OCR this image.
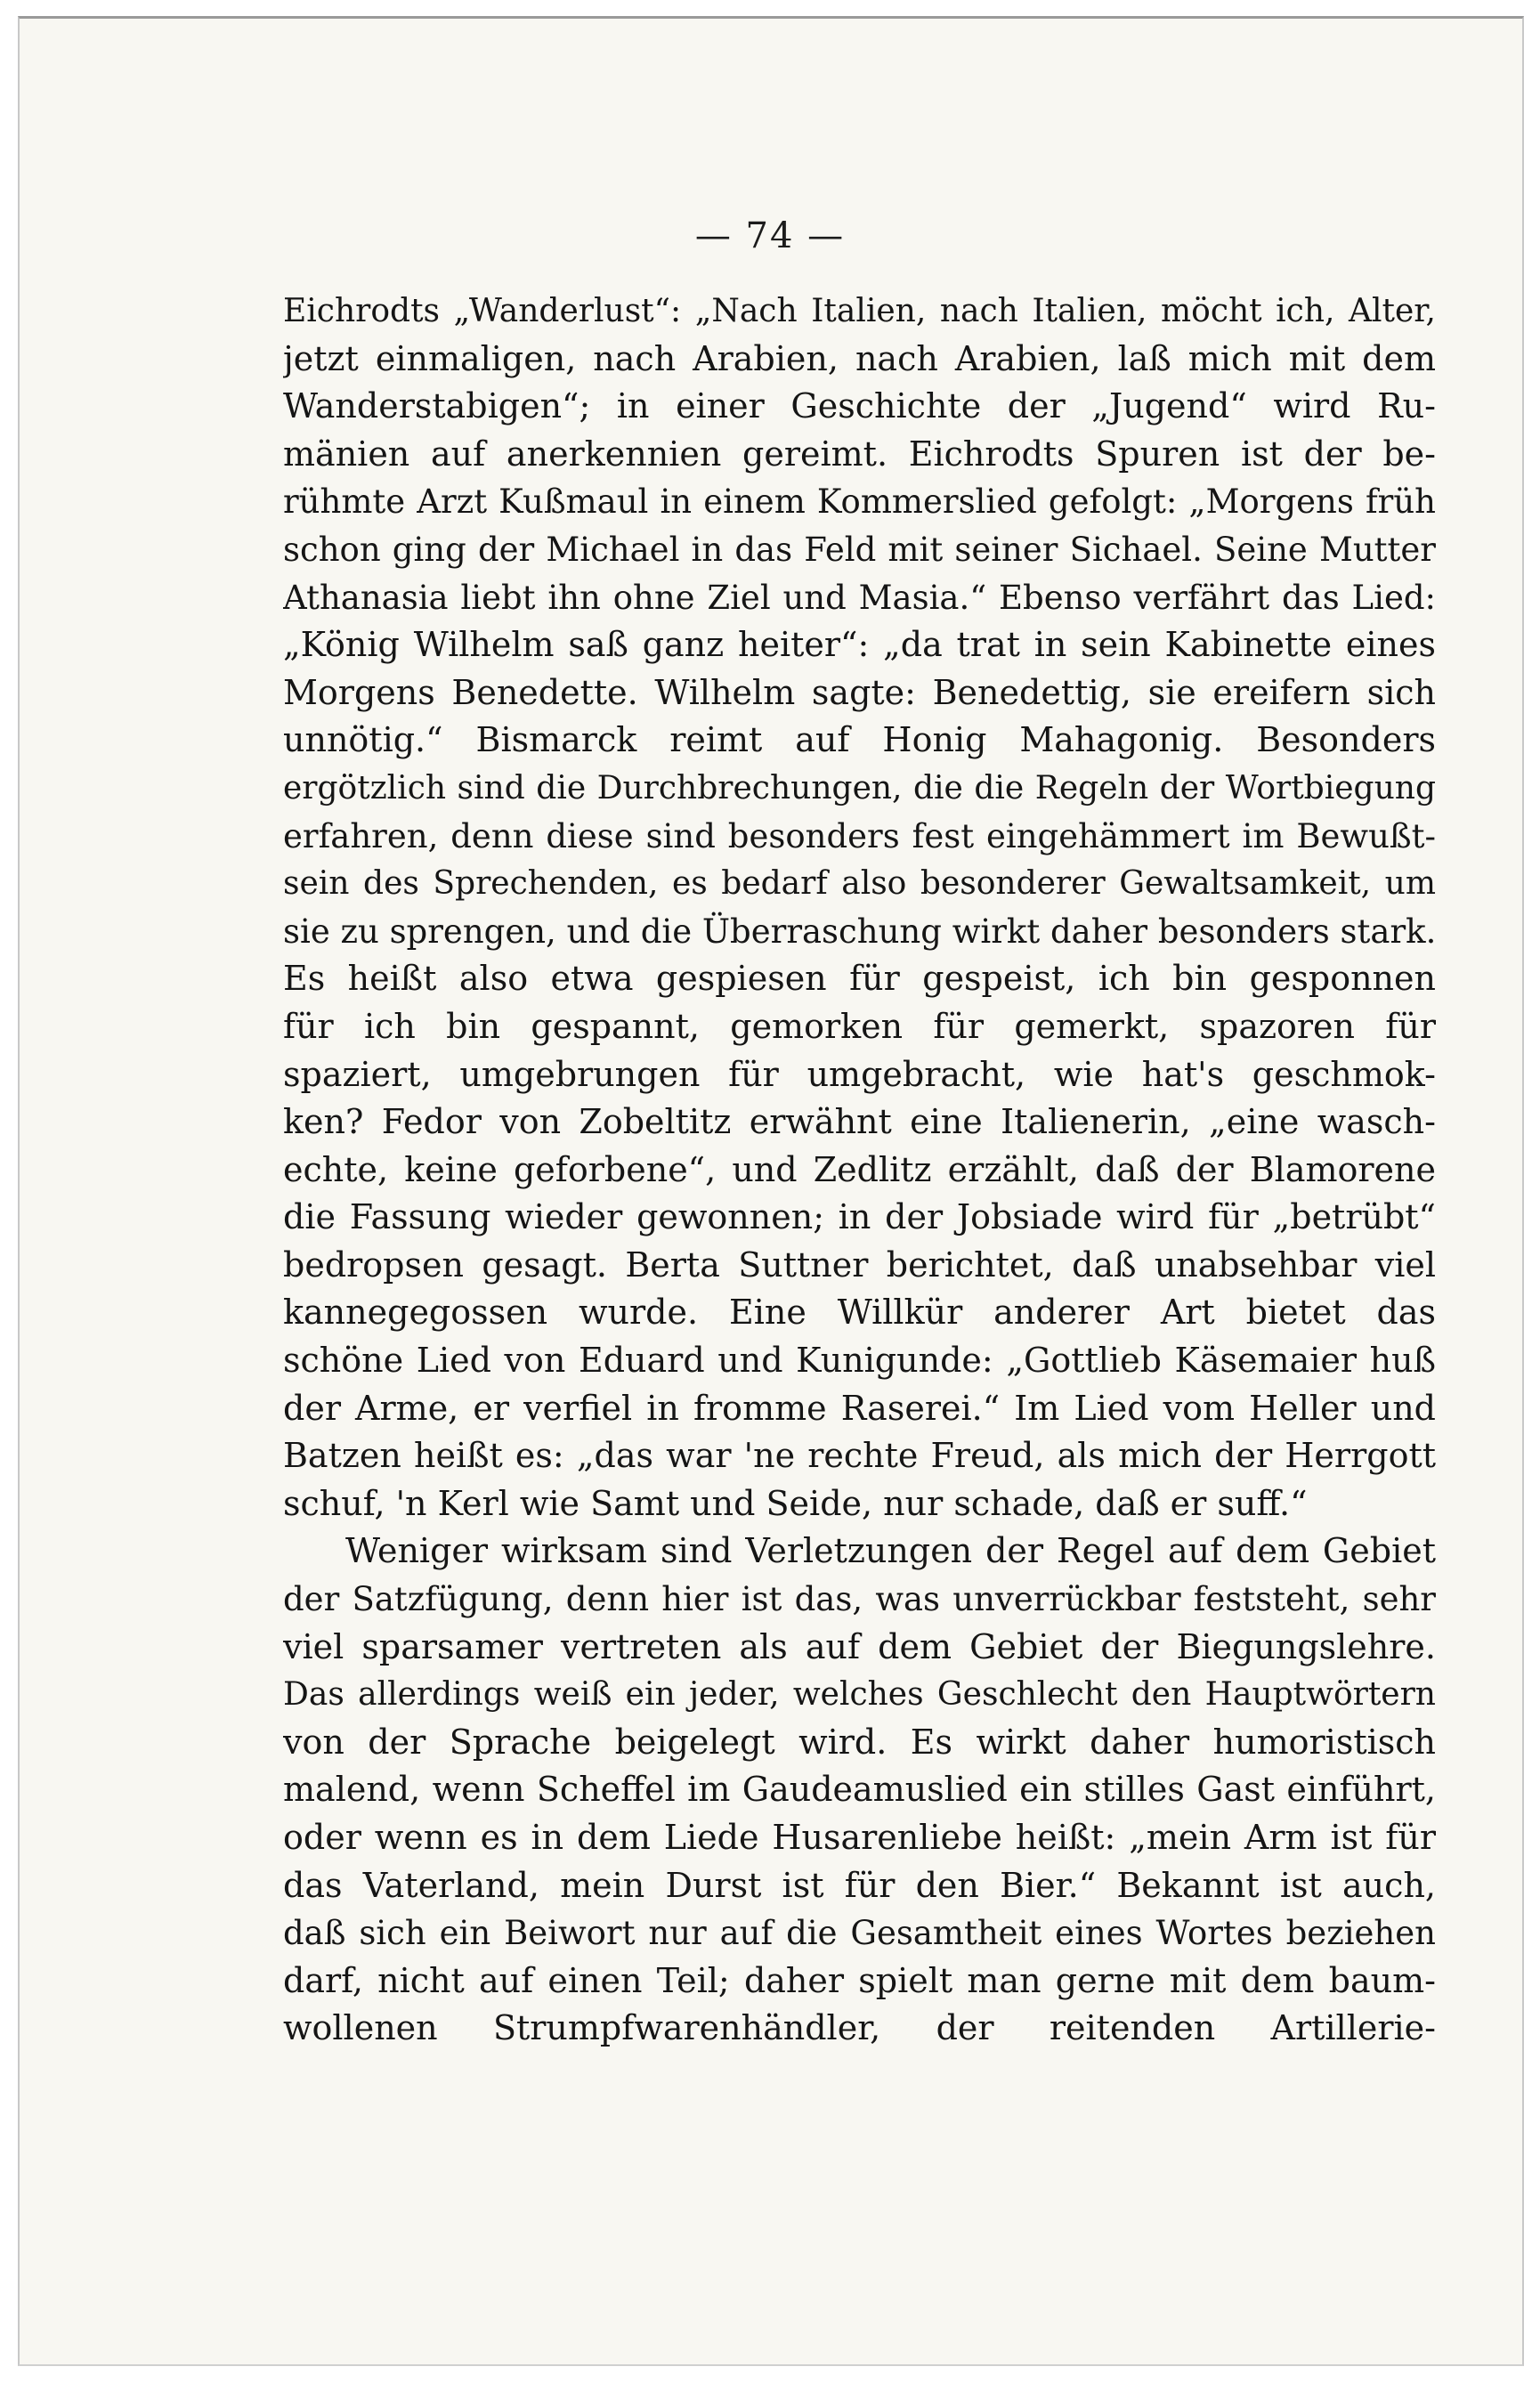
— 74 —
Eichrodts „Wanderlust“: „Nach Italien, nach Italien, möcht ich, Alter,
jetzt einmaligen, nach Arabien, nach Arabien, laß mich mit dem
Wanderstabigen“; in einer Geschichte der „Jugend“ wird Ru-
mänien auf anerkennien gereimt. Eichrodts Spuren ist der be-
rühmte Arzt Kußmaul in einem Kommerslied gefolgt: „Morgens früh
schon ging der Michael in das Feld mit seiner Sichael. Seine Mutter
Athanasia liebt ihn ohne Ziel und Masia.“ Ebenso verfährt das Lied:
„König Wilhelm saß ganz heiter“: „da trat in sein Kabinette eines
Morgens Benedette. Wilhelm sagte: Benedettig, sie ereifern sich
unnötig.“ Bismarck reimt auf Honig Mahagonig. Besonders
ergötzlich sind die Durchbrechungen, die die Regeln der Wortbiegung
erfahren, denn diese sind besonders fest eingehämmert im Bewußt-
sein des Sprechenden, es bedarf also besonderer Gewaltsamkeit, um
sie zu sprengen, und die Überraschung wirkt daher besonders stark.
Es heißt also etwa gespiesen für gespeist, ich bin gesponnen
für ich bin gespannt, gemorken für gemerkt, spazoren für
spaziert, umgebrungen für umgebracht, wie hat's geschmok-
ken? Fedor von Zobeltitz erwähnt eine Italienerin, „eine wasch-
echte, keine geforbene“, und Zedlitz erzählt, daß der Blamorene
die Fassung wieder gewonnen; in der Jobsiade wird für „betrübt“
bedropsen gesagt. Berta Suttner berichtet, daß unabsehbar viel
kannegegossen wurde. Eine Willkür anderer Art bietet das
schöne Lied von Eduard und Kunigunde: „Gottlieb Käsemaier huß
der Arme, er verfiel in fromme Raserei.“ Im Lied vom Heller und
Batzen heißt es: „das war 'ne rechte Freud, als mich der Herrgott
schuf, 'n Kerl wie Samt und Seide, nur schade, daß er suff.“
Weniger wirksam sind Verletzungen der Regel auf dem Gebiet
der Satzfügung, denn hier ist das, was unverrückbar feststeht, sehr
viel sparsamer vertreten als auf dem Gebiet der Biegungslehre.
Das allerdings weiß ein jeder, welches Geschlecht den Hauptwörtern
von der Sprache beigelegt wird. Es wirkt daher humoristisch
malend, wenn Scheffel im Gaudeamuslied ein stilles Gast einführt,
oder wenn es in dem Liede Husarenliebe heißt: „mein Arm ist für
das Vaterland, mein Durst ist für den Bier.“ Bekannt ist auch,
daß sich ein Beiwort nur auf die Gesamtheit eines Wortes beziehen
darf, nicht auf einen Teil; daher spielt man gerne mit dem baum-
wollenen Strumpfwarenhändler, der reitenden Artillerie-
